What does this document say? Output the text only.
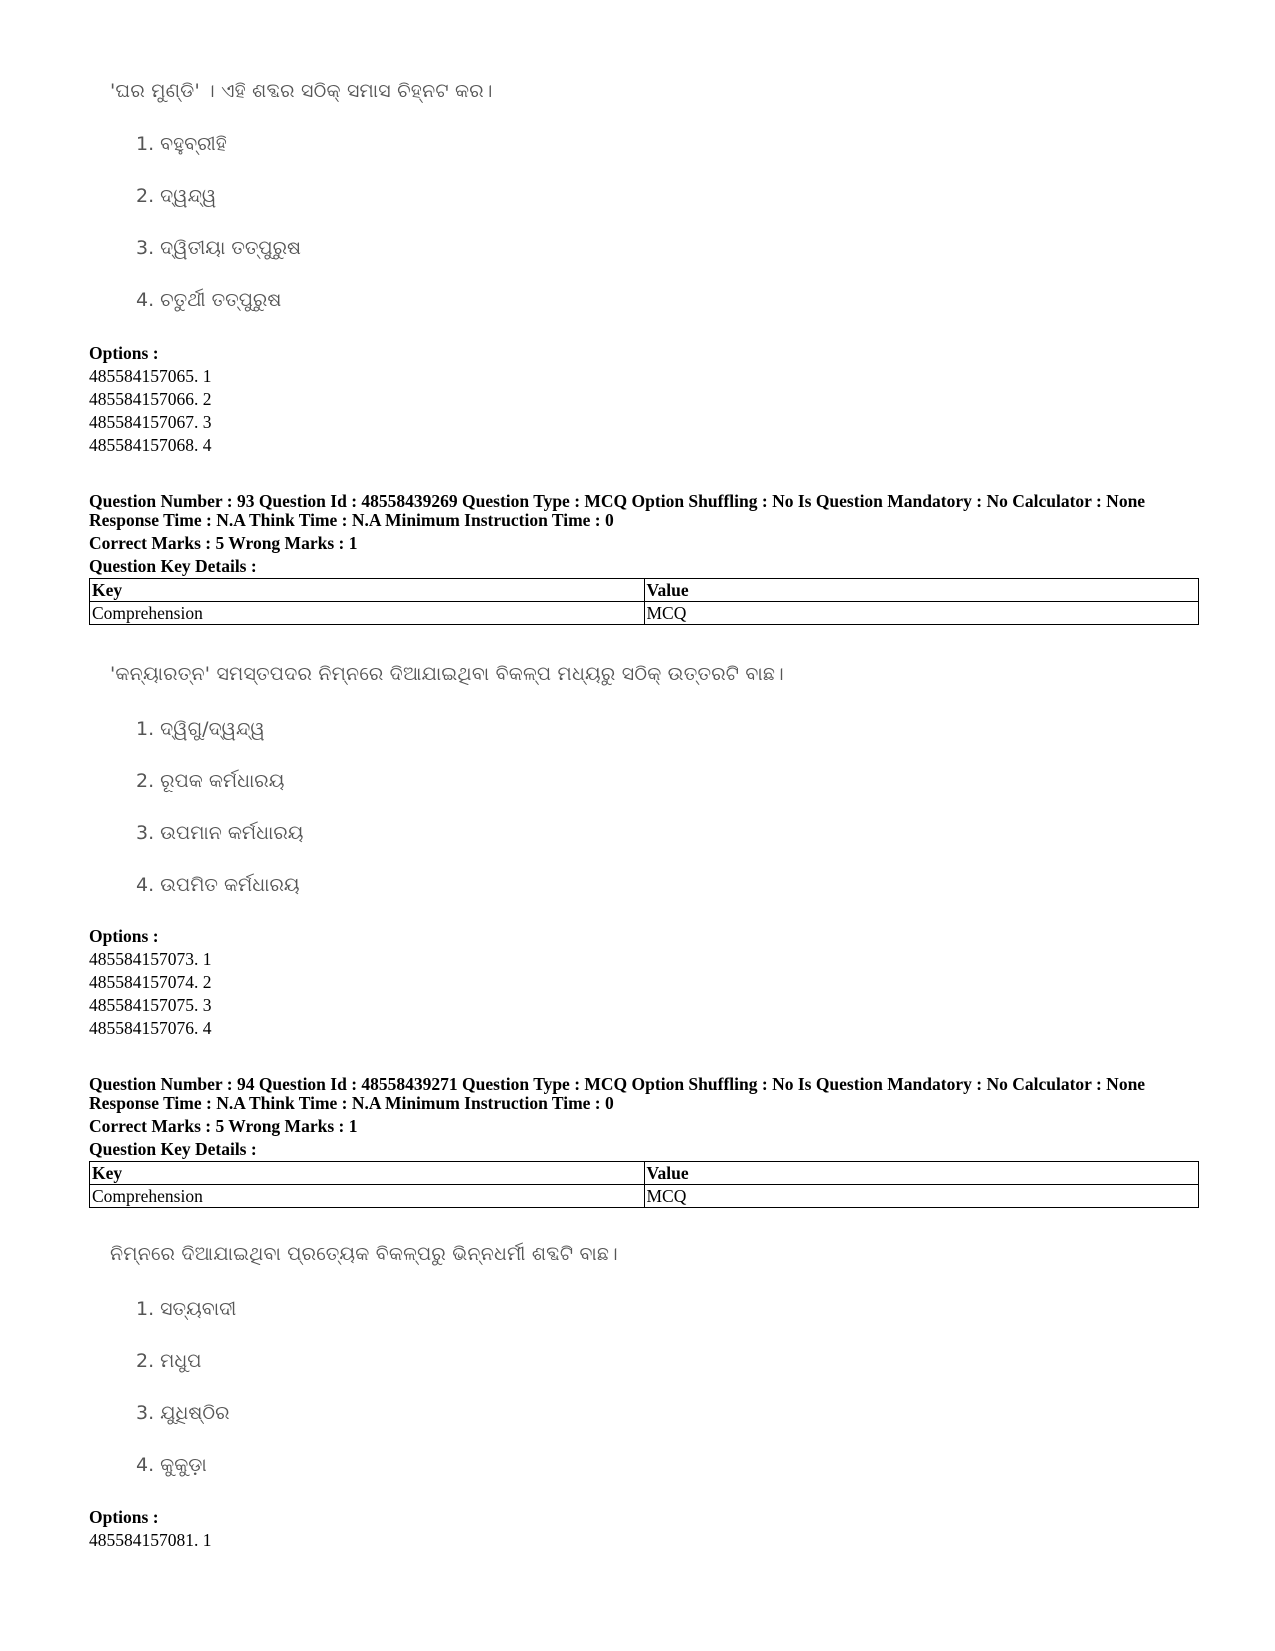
'ଘର ମୁଣ୍ଡି' । ଏହି ଶବ୍ଦର ସଠିକ୍ ସମାସ ଚିହ୍ନଟ କର।
1. ବହୁବ୍ରୀହି
2. ଦ୍ୱନ୍ଦ୍ୱ
3. ଦ୍ୱିତୀୟା ତତ୍ପୁରୁଷ
4. ଚତୁର୍ଥୀ ତତ୍ପୁରୁଷ
Options :
485584157065. 1
485584157066. 2
485584157067. 3
485584157068. 4
Question Number : 93 Question Id : 48558439269 Question Type : MCQ Option Shuffling : No Is Question Mandatory : No Calculator : None
Response Time : N.A Think Time : N.A Minimum Instruction Time : 0
Correct Marks : 5 Wrong Marks : 1
Question Key Details :
Key	Value
Comprehension	MCQ
'କନ୍ୟାରତ୍ନ' ସମସ୍ତପଦର ନିମ୍ନରେ ଦିଆଯାଇଥିବା ବିକଳ୍ପ ମଧ୍ୟରୁ ସଠିକ୍ ଉତ୍ତରଟି ବାଛ।
1. ଦ୍ୱିଗୁ/ଦ୍ୱନ୍ଦ୍ୱ
2. ରୂପକ କର୍ମଧାରୟ
3. ଉପମାନ କର୍ମଧାରୟ
4. ଉପମିତ କର୍ମଧାରୟ
Options :
485584157073. 1
485584157074. 2
485584157075. 3
485584157076. 4
Question Number : 94 Question Id : 48558439271 Question Type : MCQ Option Shuffling : No Is Question Mandatory : No Calculator : None
Response Time : N.A Think Time : N.A Minimum Instruction Time : 0
Correct Marks : 5 Wrong Marks : 1
Question Key Details :
Key	Value
Comprehension	MCQ
ନିମ୍ନରେ ଦିଆଯାଇଥିବା ପ୍ରତ୍ୟେକ ବିକଳ୍ପରୁ ଭିନ୍ନଧର୍ମୀ ଶବ୍ଦଟି ବାଛ।
1. ସତ୍ୟବାଦୀ
2. ମଧୁପ
3. ଯୁଧିଷ୍ଠିର
4. କୁକୁଡ଼ା
Options :
485584157081. 1
